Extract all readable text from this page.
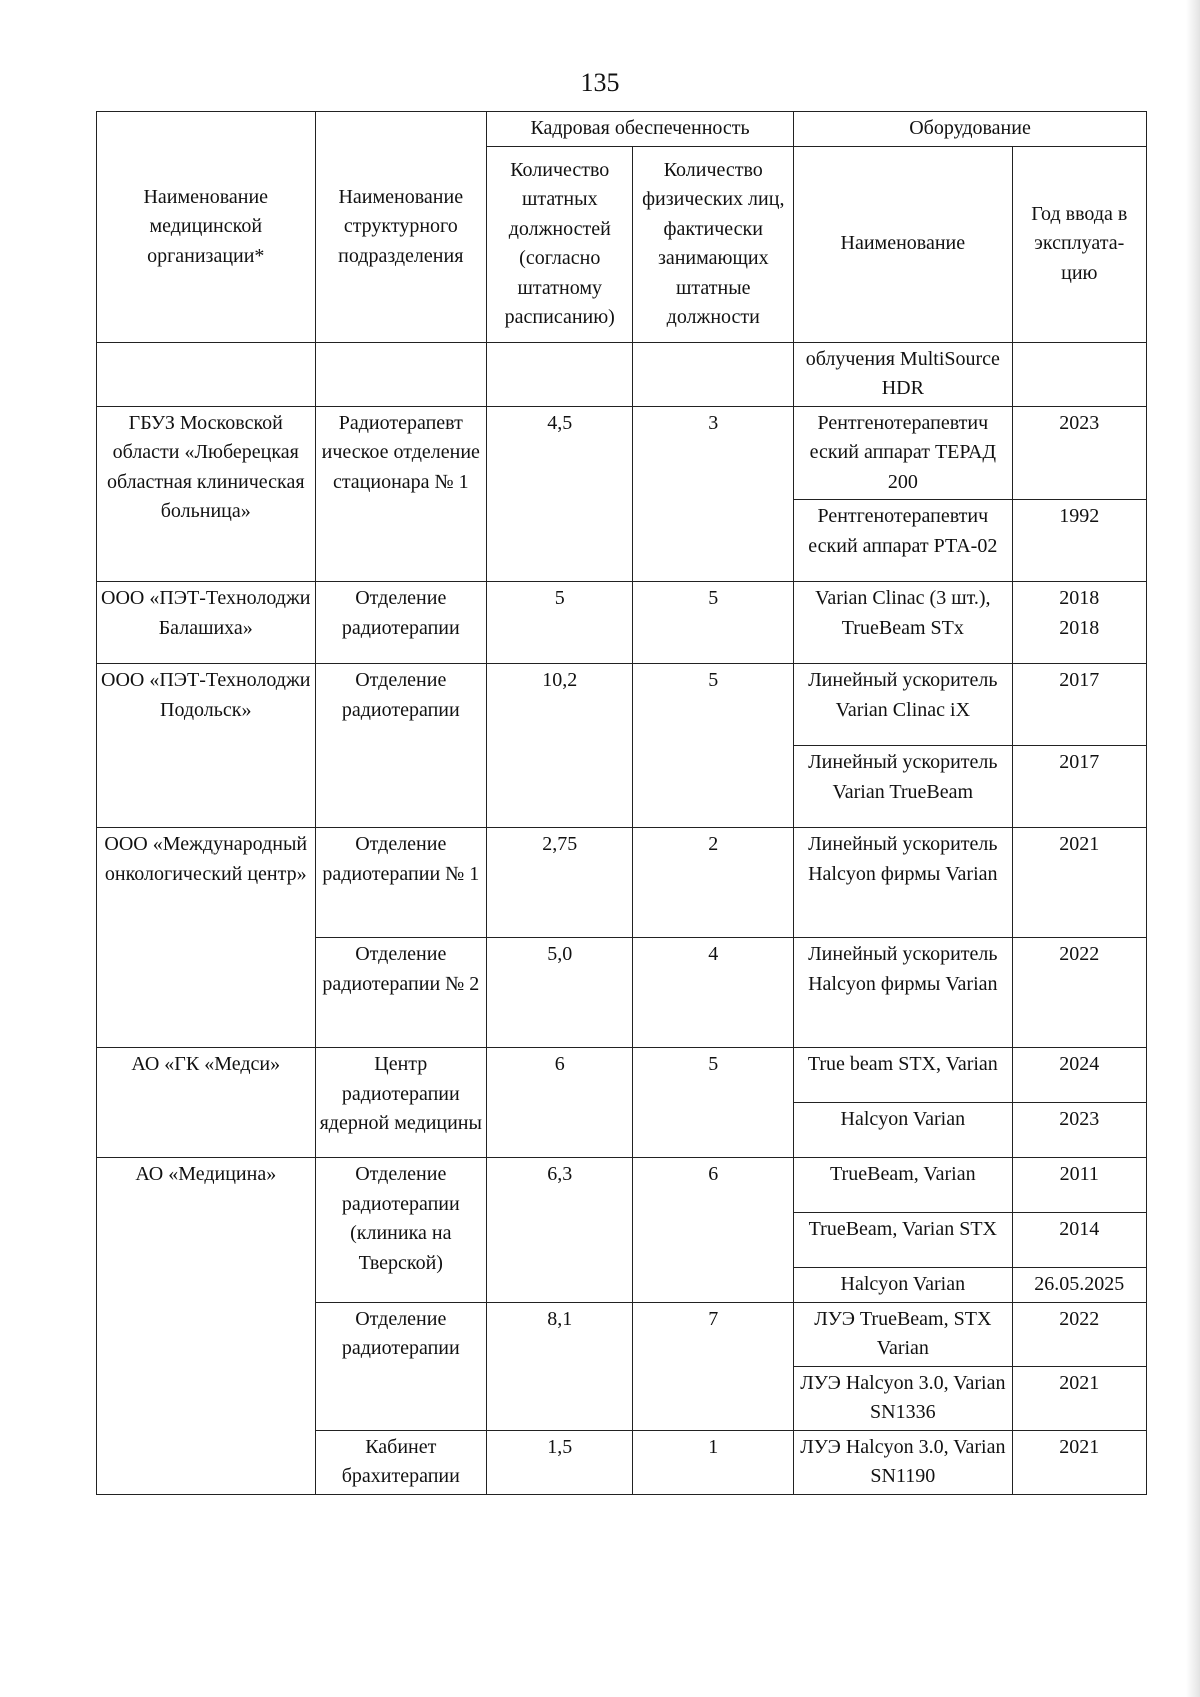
135
Наименование медицинской организации*	Наименование структурного подразделения	Кадровая обеспеченность		Оборудование	
		Количество штатных должностей (согласно штатному расписанию)	Количество физических лиц, фактически занимающих штатные должности	Наименование	Год ввода в эксплуата-цию
				облучения MultiSource HDR	
ГБУЗ Московской области «Люберецкая областная клиническая больница»	Радиотерапевт ическое отделение стационара № 1	4,5	3	Рентгенотерапевтич еский аппарат ТЕРАД 200	2023
				Рентгенотерапевтич еский аппарат РТА-02	1992
ООО «ПЭТ-Технолоджи Балашиха»	Отделение радиотерапии	5	5	Varian Clinac (3 шт.), TrueBeam STx	2018
2018

ООО «ПЭТ-Технолоджи Подольск»	Отделение радиотерапии	10,2	5	Линейный ускоритель Varian Clinac iX	2017
				Линейный ускоритель Varian TrueBeam	2017
ООО «Международный онкологический центр»	Отделение радиотерапии № 1	2,75	2	Линейный ускоритель Halcyon фирмы Varian	2021
	Отделение радиотерапии № 2	5,0	4	Линейный ускоритель Halcyon фирмы Varian	2022
АО «ГК «Медси»	Центр радиотерапии ядерной медицины	6	5	True beam STX, Varian	2024
				Halcyon Varian	2023
АО «Медицина»	Отделение радиотерапии (клиника на Тверской)	6,3	6	TrueBeam, Varian	2011
				TrueBeam, Varian STX	2014
				Halcyon Varian	26.05.2025
	Отделение радиотерапии	8,1	7	ЛУЭ TrueBeam, STX Varian	2022
				ЛУЭ Halcyon 3.0, Varian SN1336	2021
	Кабинет брахитерапии	1,5	1	ЛУЭ Halcyon 3.0, Varian SN1190	2021
